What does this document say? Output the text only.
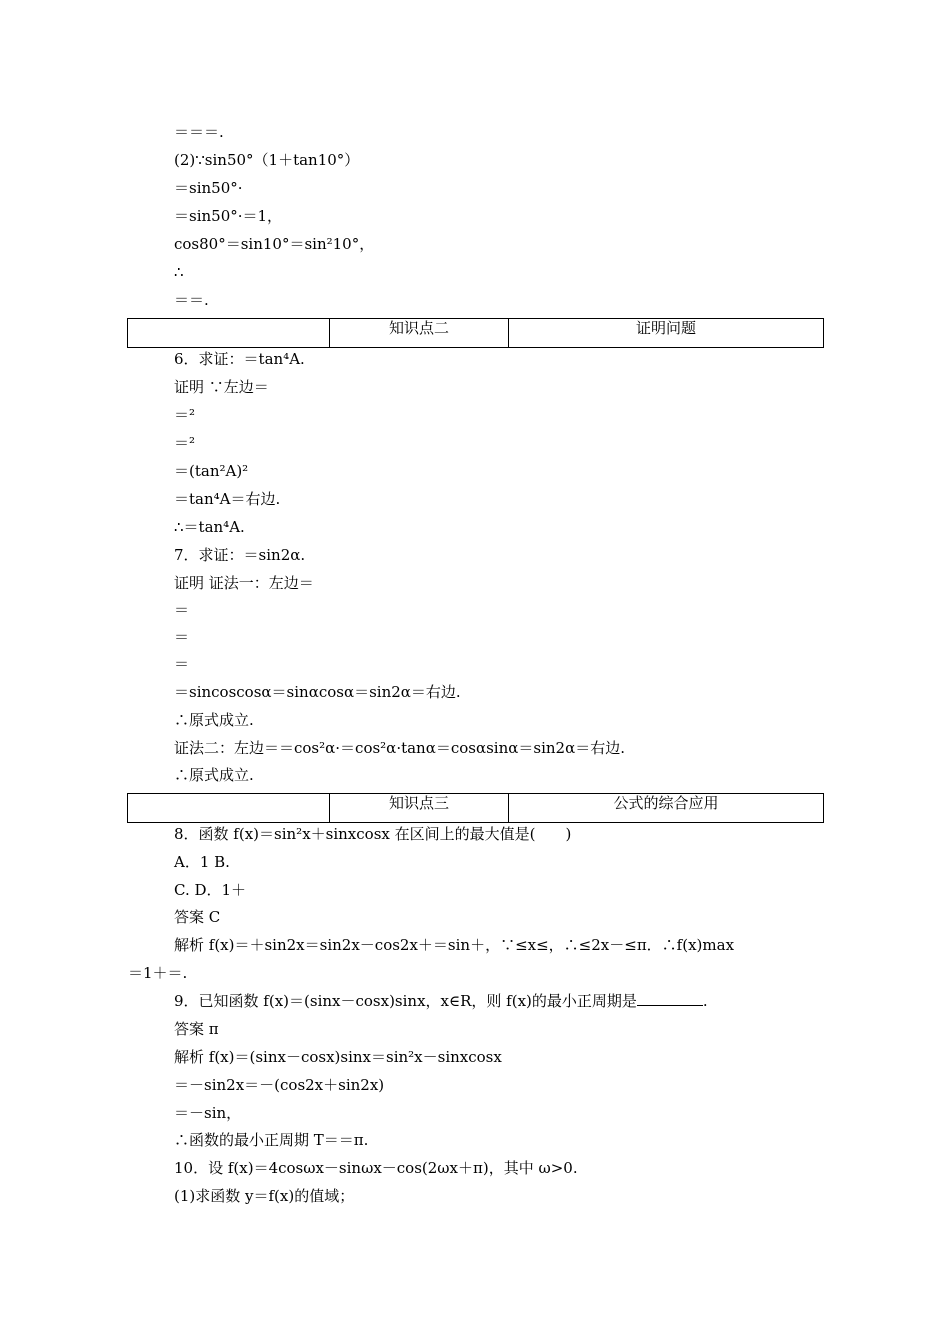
＝＝＝.
(2)∵sin50°（1＋tan10°）
＝sin50°·
＝sin50°·＝1，
cos80°＝sin10°＝sin²10°，
∴
＝＝.
知识点二	证明问题
6．求证：＝tan⁴A.
证明 ∵左边＝
＝²
＝²
＝(tan²A)²
＝tan⁴A＝右边.
∴＝tan⁴A.
7．求证：＝sin2α.
证明 证法一：左边＝
＝
＝
＝
＝sincoscosα＝sinαcosα＝sin2α＝右边.
∴原式成立.
证法二：左边＝＝cos²α·＝cos²α·tanα＝cosαsinα＝sin2α＝右边.
∴原式成立.
知识点三	公式的综合应用
8．函数 f(x)＝sin²x＋sinxcosx 在区间上的最大值是(　　)
A．1 B.
C. D．1＋
答案 C
解析 f(x)＝＋sin2x＝sin2x－cos2x＋＝sin＋，∵≤x≤，∴≤2x－≤π．∴f(x)max
＝1＋＝.
9．已知函数 f(x)＝(sinx－cosx)sinx，x∈R，则 f(x)的最小正周期是	.
答案 π
解析 f(x)＝(sinx－cosx)sinx＝sin²x－sinxcosx
＝－sin2x＝－(cos2x＋sin2x)
＝－sin，
∴函数的最小正周期 T＝＝π.
10．设 f(x)＝4cosωx－sinωx－cos(2ωx＋π)，其中 ω>0.
(1)求函数 y＝f(x)的值域；
